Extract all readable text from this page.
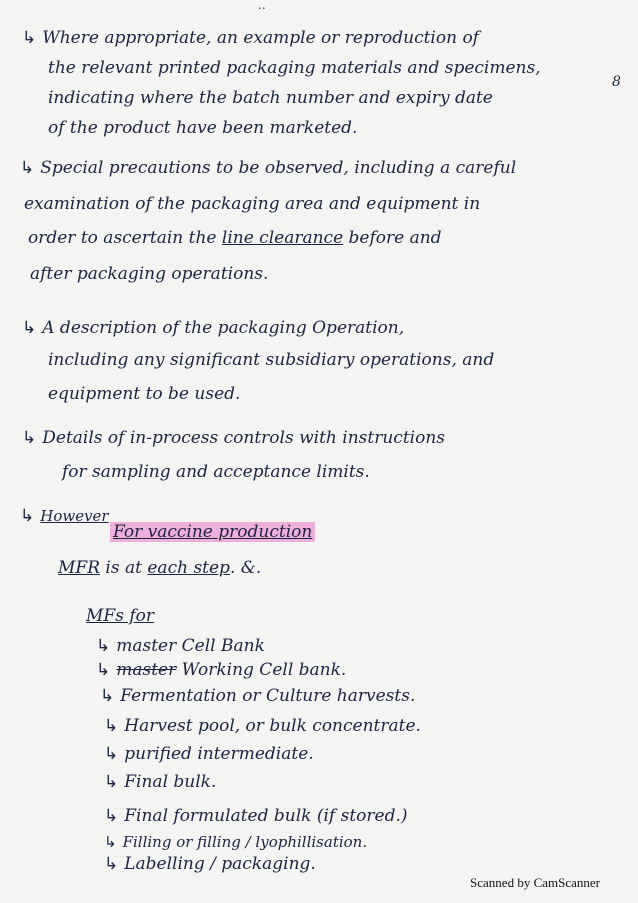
..
8
↳ Where appropriate, an example or reproduction of
the relevant printed packaging materials and specimens,
indicating where the batch number and expiry date
of the product have been marketed.
↳ Special precautions to be observed, including a careful
examination of the packaging area and equipment in
order to ascertain the line clearance before and
after packaging operations.
↳ A description of the packaging Operation,
including any significant subsidiary operations, and
equipment to be used.
↳ Details of in-process controls with instructions
for sampling and acceptance limits.
↳ However
For vaccine production
MFR is at each step. &.
MFs for
↳ master Cell Bank
↳ master Working Cell bank.
↳ Fermentation or Culture harvests.
↳ Harvest pool, or bulk concentrate.
↳ purified intermediate.
↳ Final bulk.
↳ Final formulated bulk (if stored.)
↳ Filling or filling / lyophillisation.
↳ Labelling / packaging.
Scanned by CamScanner
